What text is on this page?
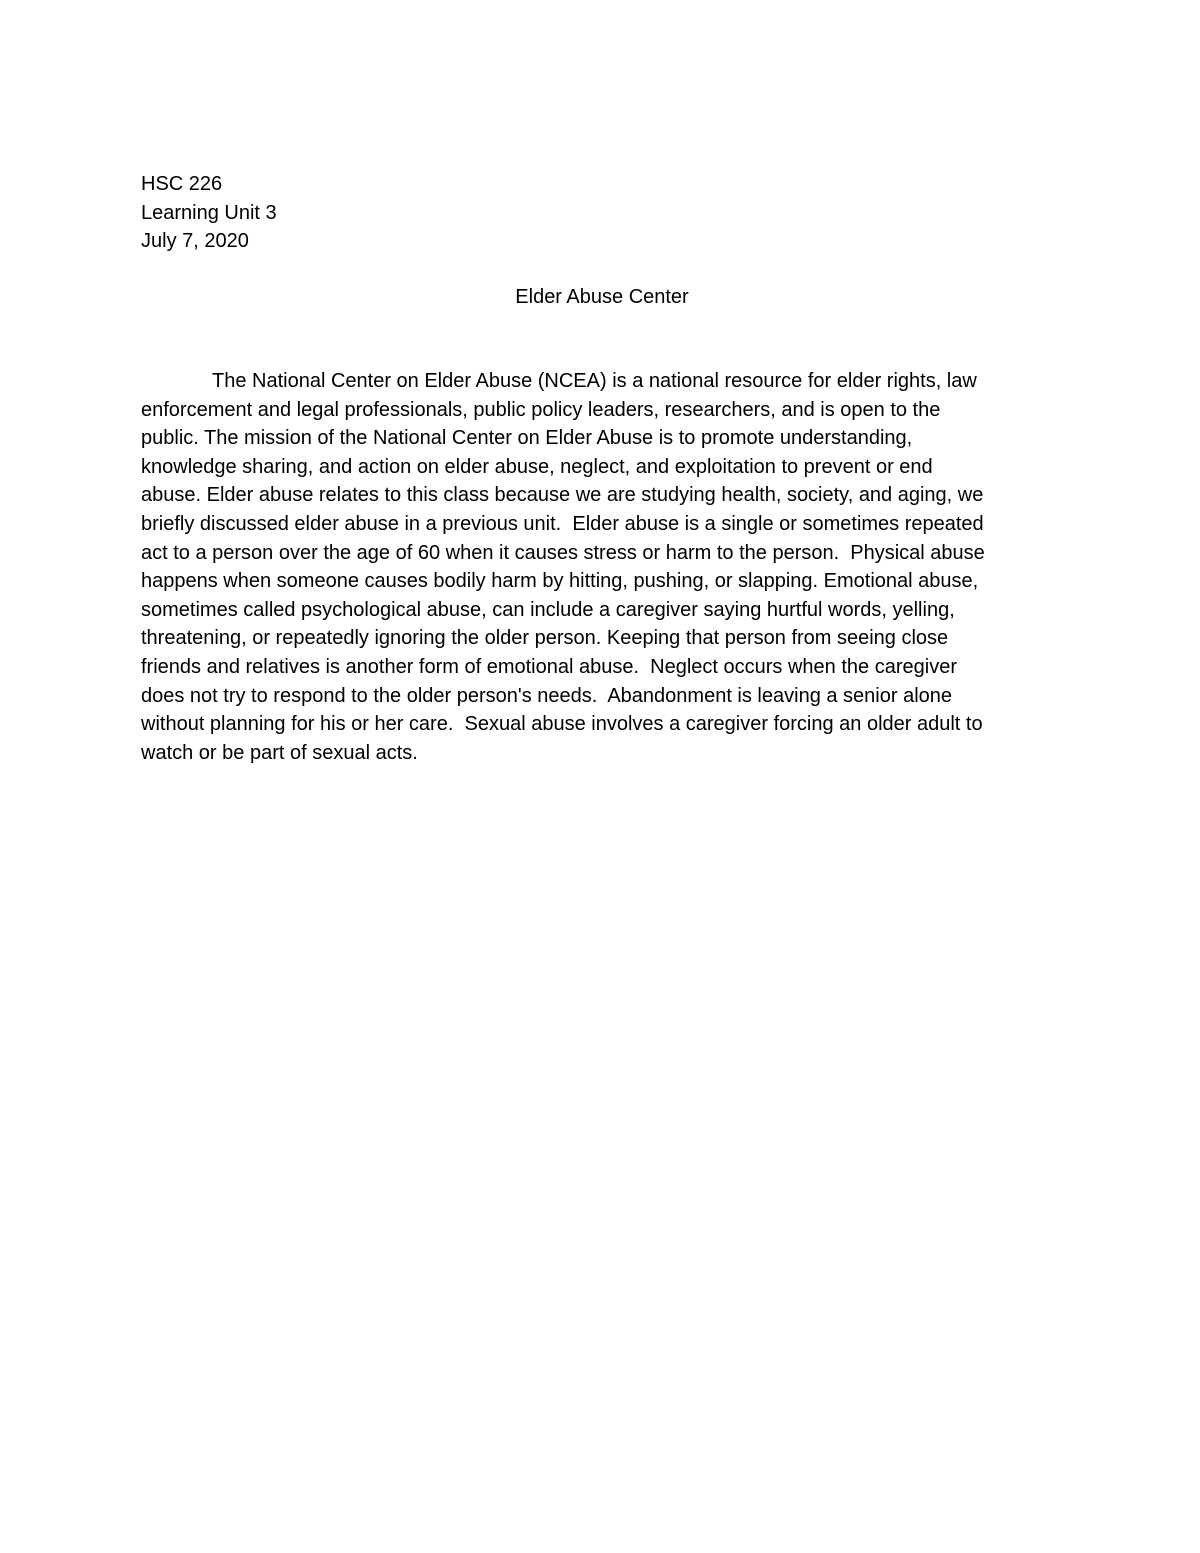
HSC 226
Learning Unit 3
July 7, 2020
Elder Abuse Center
The National Center on Elder Abuse (NCEA) is a national resource for elder rights, law
enforcement and legal professionals, public policy leaders, researchers, and is open to the
public. The mission of the National Center on Elder Abuse is to promote understanding,
knowledge sharing, and action on elder abuse, neglect, and exploitation to prevent or end
abuse. Elder abuse relates to this class because we are studying health, society, and aging, we
briefly discussed elder abuse in a previous unit.  Elder abuse is a single or sometimes repeated
act to a person over the age of 60 when it causes stress or harm to the person.  Physical abuse
happens when someone causes bodily harm by hitting, pushing, or slapping. Emotional abuse,
sometimes called psychological abuse, can include a caregiver saying hurtful words, yelling,
threatening, or repeatedly ignoring the older person. Keeping that person from seeing close
friends and relatives is another form of emotional abuse.  Neglect occurs when the caregiver
does not try to respond to the older person's needs.  Abandonment is leaving a senior alone
without planning for his or her care.  Sexual abuse involves a caregiver forcing an older adult to
watch or be part of sexual acts.
